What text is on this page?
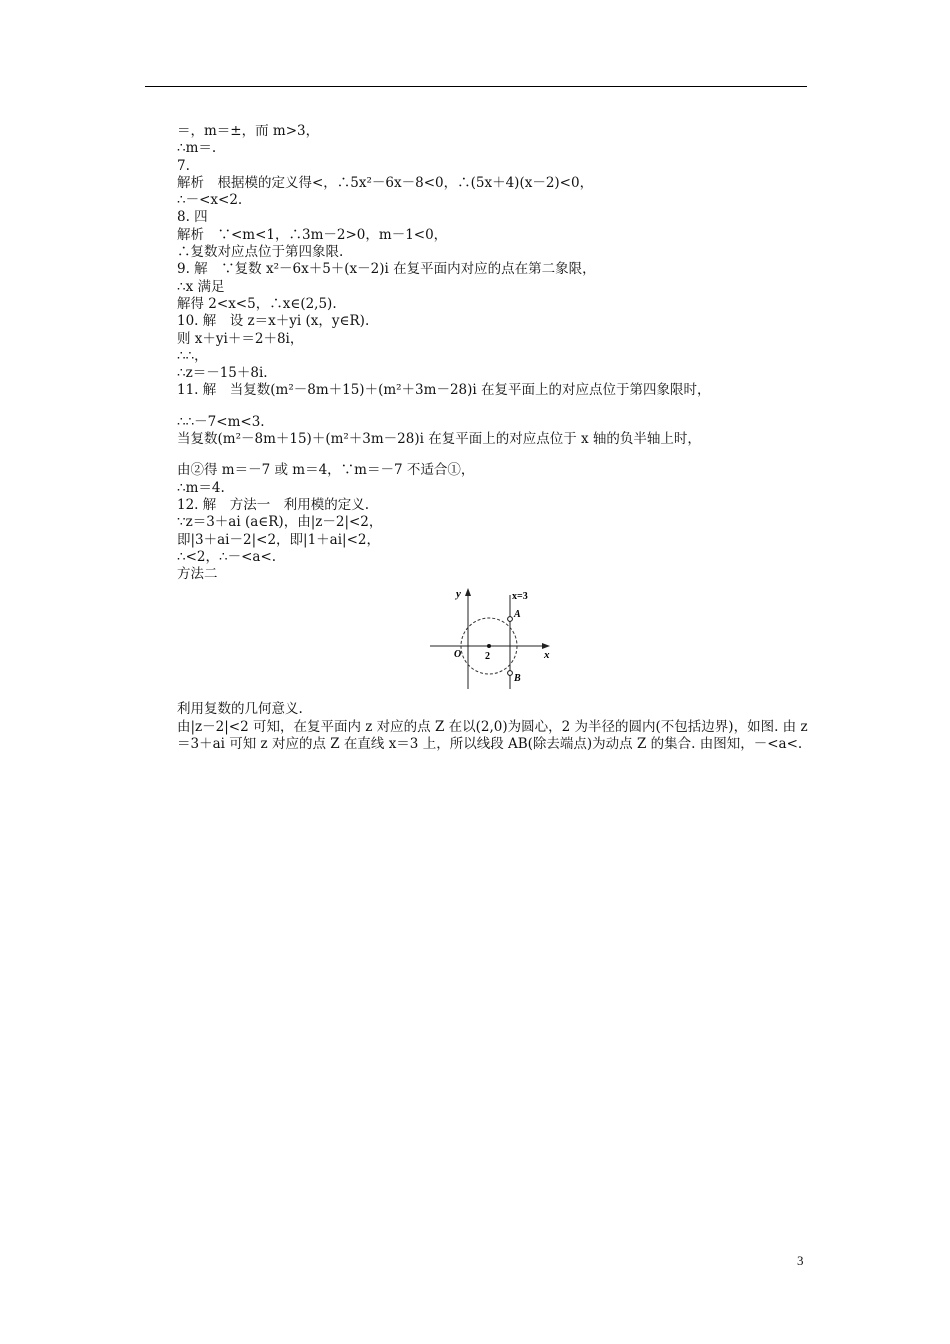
＝，m＝±，而 m>3，
∴m＝.
7.
解析　根据模的定义得<，∴5x²－6x－8<0，∴(5x＋4)(x－2)<0，
∴－<x<2.
8. 四
解析　∵<m<1，∴3m－2>0，m－1<0，
∴复数对应点位于第四象限.
9. 解　∵复数 x²－6x＋5＋(x－2)i 在复平面内对应的点在第二象限，
∴x 满足
解得 2<x<5，∴x∈(2,5).
10. 解　设 z＝x＋yi (x，y∈R).
则 x＋yi＋＝2＋8i，
∴∴，
∴z＝－15＋8i.
11. 解　当复数(m²－8m＋15)＋(m²＋3m－28)i 在复平面上的对应点位于第四象限时，
∴∴－7<m<3.
当复数(m²－8m＋15)＋(m²＋3m－28)i 在复平面上的对应点位于 x 轴的负半轴上时，
由②得 m＝－7 或 m＝4，∵m＝－7 不适合①，
∴m＝4.
12. 解　方法一　利用模的定义.
∵z＝3＋ai (a∈R)，由|z－2|<2，
即|3＋ai－2|<2，即|1＋ai|<2，
∴<2，∴－<a<.
方法二
y
x
x=3
A
B
O 2
利用复数的几何意义.
由|z－2|<2 可知，在复平面内 z 对应的点 Z 在以(2,0)为圆心，2 为半径的圆内(不包括边界)，如图. 由 z＝3＋ai 可知 z 对应的点 Z 在直线 x＝3 上，所以线段 AB(除去端点)为动点 Z 的集合. 由图知，－<a<.
3
